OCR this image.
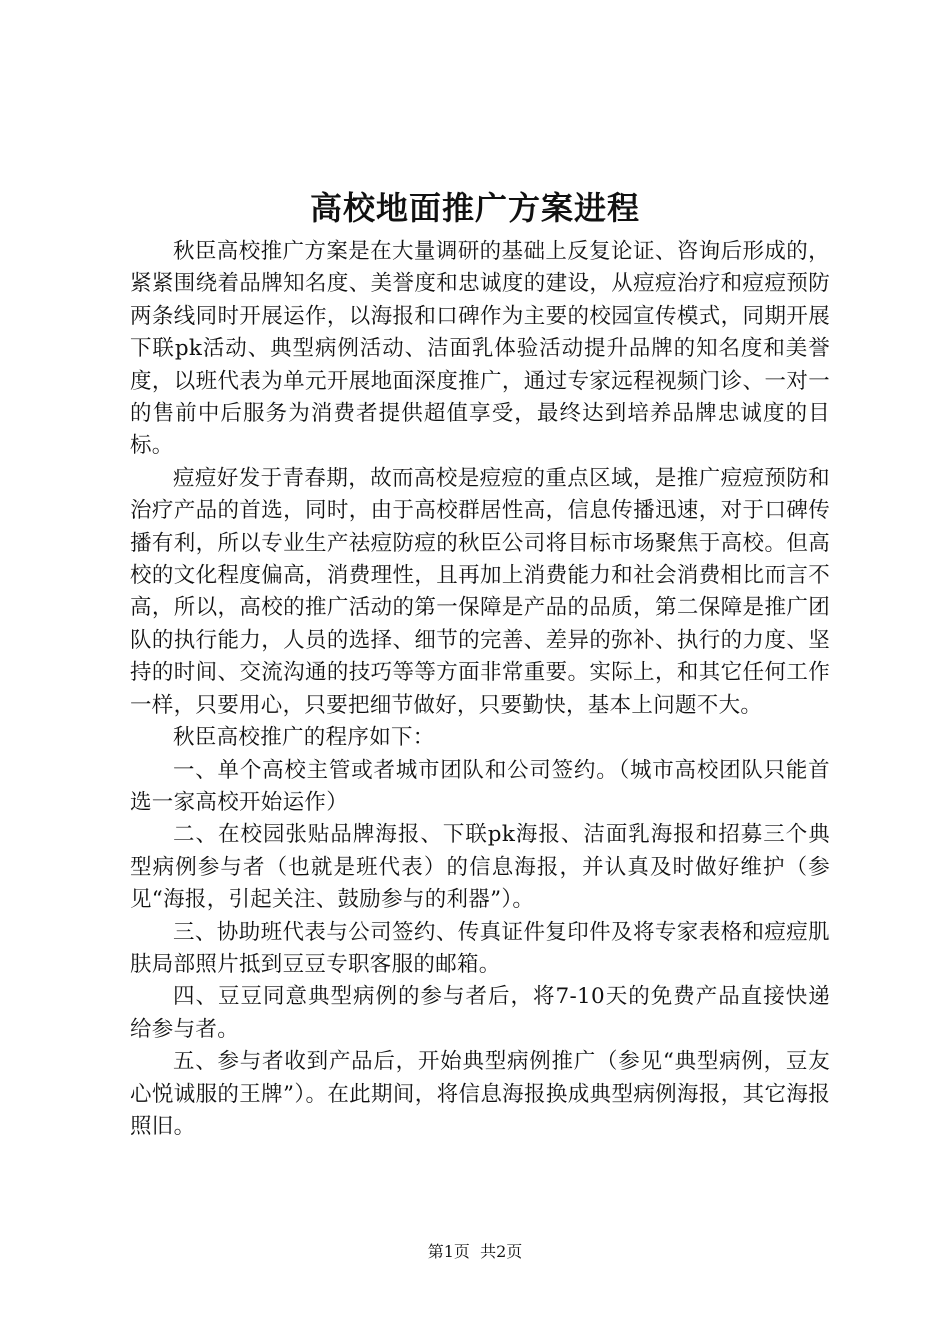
高校地面推广方案进程

秋臣高校推广方案是在大量调研的基础上反复论证、咨询后形成的，紧紧围绕着品牌知名度、美誉度和忠诚度的建设，从痘痘治疗和痘痘预防两条线同时开展运作，以海报和口碑作为主要的校园宣传模式，同期开展下联pk活动、典型病例活动、洁面乳体验活动提升品牌的知名度和美誉度，以班代表为单元开展地面深度推广，通过专家远程视频门诊、一对一的售前中后服务为消费者提供超值享受，最终达到培养品牌忠诚度的目标。

痘痘好发于青春期，故而高校是痘痘的重点区域，是推广痘痘预防和治疗产品的首选，同时，由于高校群居性高，信息传播迅速，对于口碑传播有利，所以专业生产祛痘防痘的秋臣公司将目标市场聚焦于高校。但高校的文化程度偏高，消费理性，且再加上消费能力和社会消费相比而言不高，所以，高校的推广活动的第一保障是产品的品质，第二保障是推广团队的执行能力，人员的选择、细节的完善、差异的弥补、执行的力度、坚持的时间、交流沟通的技巧等等方面非常重要。实际上，和其它任何工作一样，只要用心，只要把细节做好，只要勤快，基本上问题不大。

秋臣高校推广的程序如下：

一、单个高校主管或者城市团队和公司签约。（城市高校团队只能首选一家高校开始运作）

二、在校园张贴品牌海报、下联pk海报、洁面乳海报和招募三个典型病例参与者（也就是班代表）的信息海报，并认真及时做好维护（参见“海报，引起关注、鼓励参与的利器”）。

三、协助班代表与公司签约、传真证件复印件及将专家表格和痘痘肌肤局部照片抵到豆豆专职客服的邮箱。

四、豆豆同意典型病例的参与者后，将7-10天的免费产品直接快递给参与者。

五、参与者收到产品后，开始典型病例推广（参见“典型病例，豆友心悦诚服的王牌”）。在此期间，将信息海报换成典型病例海报，其它海报照旧。

第1页 共2页
